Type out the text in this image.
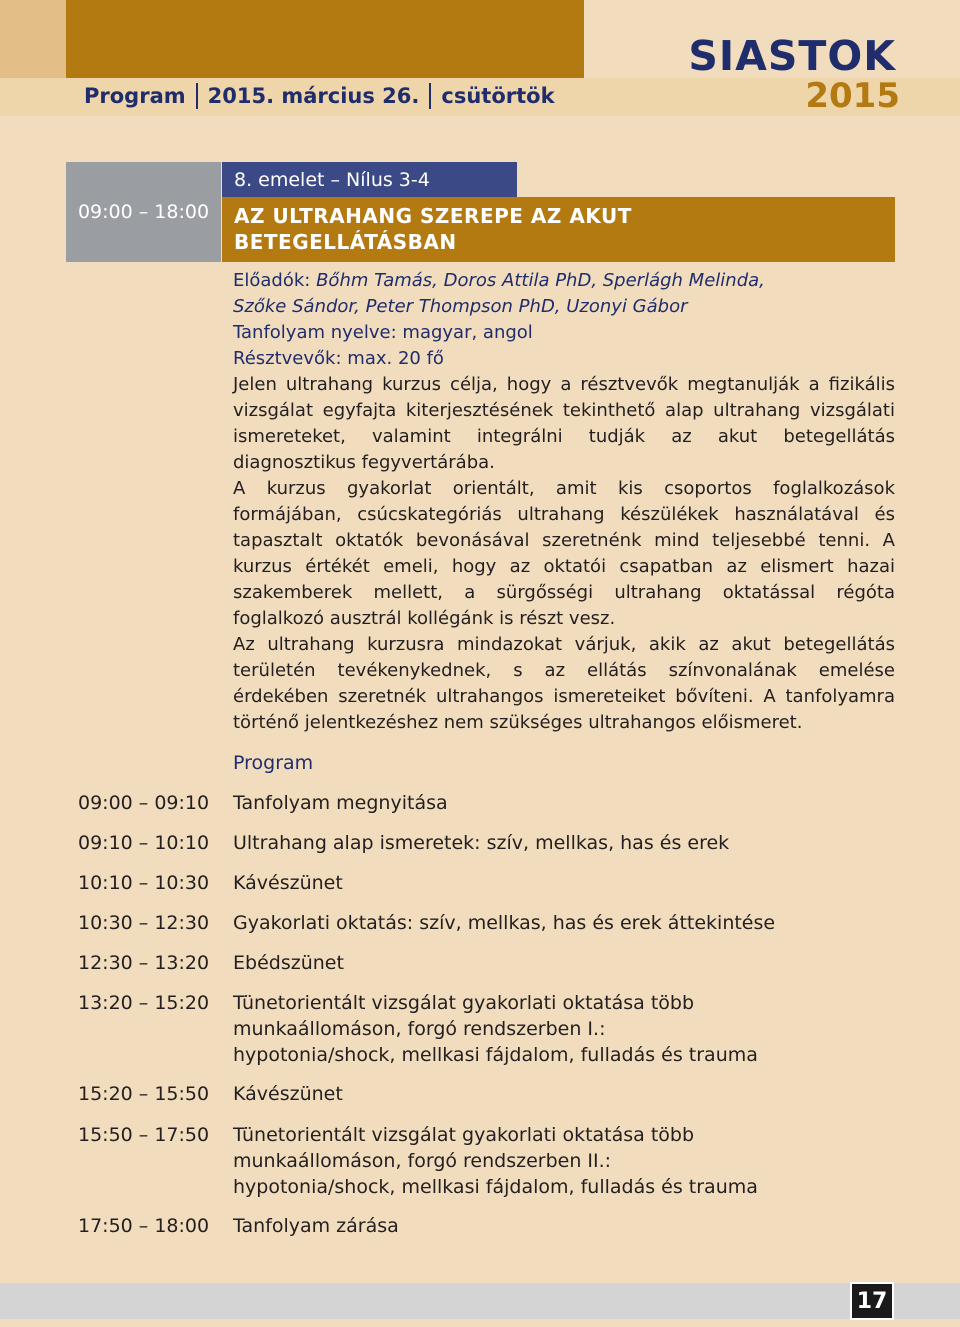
Program 2015. március 26. csütörtök
SIASTOK
2015
09:00 – 18:00
8. emelet – Nílus 3-4
AZ ULTRAHANG SZEREPE AZ AKUT
BETEGELLÁTÁSBAN
Előadók: Bőhm Tamás, Doros Attila PhD, Sperlágh Melinda,
Szőke Sándor, Peter Thompson PhD, Uzonyi Gábor
Tanfolyam nyelve: magyar, angol
Résztvevők: max. 20 fő

Jelen ultrahang kurzus célja, hogy a résztvevők megtanulják a fizikális vizsgálat egyfajta kiterjesztésének tekinthető alap ultrahang vizsgálati ismereteket, valamint integrálni tudják az akut betegellátás diagnosztikus fegyvertárába.

A kurzus gyakorlat orientált, amit kis csoportos foglalkozások formájában, csúcskategóriás ultrahang készülékek használatával és tapasztalt oktatók bevonásával szeretnénk mind teljesebbé tenni. A kurzus értékét emeli, hogy az oktatói csapatban az elismert hazai szakemberek mellett, a sürgősségi ultrahang oktatással régóta foglalkozó ausztrál kollégánk is részt vesz.

Az ultrahang kurzusra mindazokat várjuk, akik az akut betegellátás területén tevékenykednek, s az ellátás színvonalának emelése érdekében szeretnék ultrahangos ismereteiket bővíteni. A tanfolyamra történő jelentkezéshez nem szükséges ultrahangos előismeret.

Program
09:00 – 09:10	Tanfolyam megnyitása
09:10 – 10:10	Ultrahang alap ismeretek: szív, mellkas, has és erek
10:10 – 10:30	Kávészünet
10:30 – 12:30	Gyakorlati oktatás: szív, mellkas, has és erek áttekintése
12:30 – 13:20	Ebédszünet
13:20 – 15:20	Tünetorientált vizsgálat gyakorlati oktatása több
munkaállomáson, forgó rendszerben I.:
hypotonia/shock, mellkasi fájdalom, fulladás és trauma
15:20 – 15:50	Kávészünet
15:50 – 17:50	Tünetorientált vizsgálat gyakorlati oktatása több
munkaállomáson, forgó rendszerben II.:
hypotonia/shock, mellkasi fájdalom, fulladás és trauma
17:50 – 18:00	Tanfolyam zárása
17
